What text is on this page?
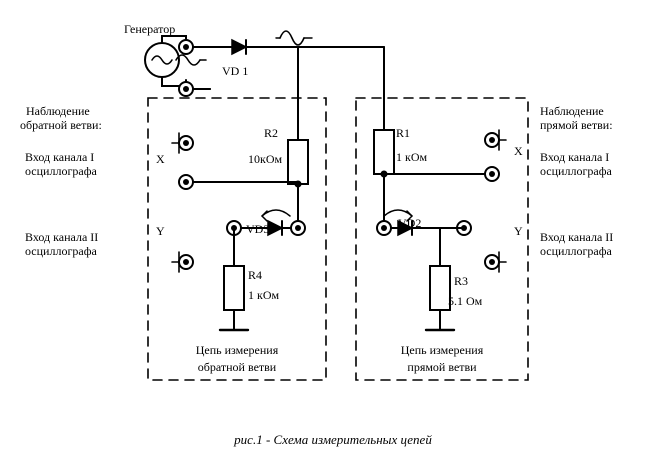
Генератор
VD 1
Наблюдение
обратной ветви:
Вход канала I
осциллографа
Вход канала II
осциллографа
X
Y
Наблюдение
прямой ветви:
Вход канала I
осциллографа
Вход канала II
осциллографа
X
Y
R2
10кОм
R1
1 кОм
R4
1 кОм
R3
5.1 Ом
VD3	VD2
Цепь измерения
обратной ветви
Цепь измерения
прямой ветви
рис.1 - Схема измерительных цепей
